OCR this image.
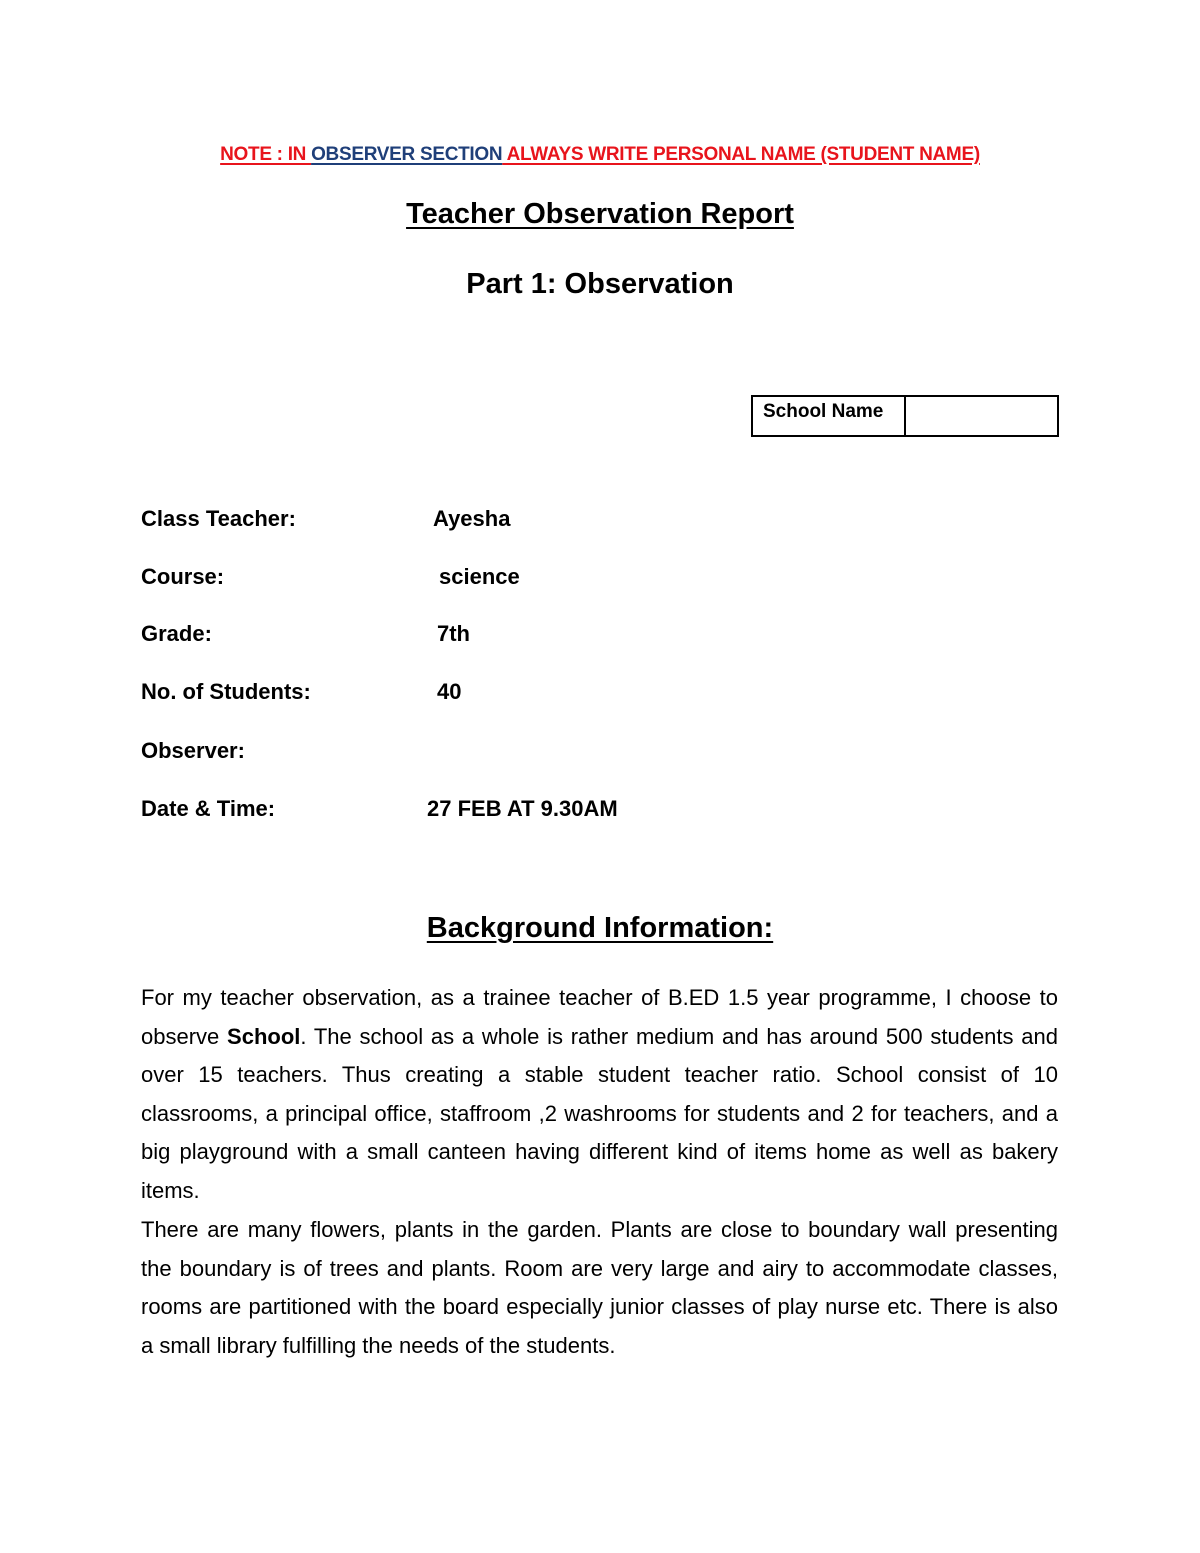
NOTE : IN OBSERVER SECTION ALWAYS WRITE PERSONAL NAME (STUDENT NAME)
Teacher Observation Report
Part 1: Observation
School Name	
Class Teacher:	Ayesha
Course:	science
Grade:	7th
No. of Students:	40
Observer:
Date & Time:	27 FEB AT 9.30AM
Background Information:
For my teacher observation, as a trainee teacher of B.ED 1.5 year programme, I choose to observe School. The school as a whole is rather medium and has around 500 students and over 15 teachers. Thus creating a stable student teacher ratio. School consist of 10 classrooms, a principal office, staffroom ,2 washrooms for students and 2 for teachers, and a big playground with a small canteen having different kind of items home as well as bakery items.
There are many flowers, plants in the garden. Plants are close to boundary wall presenting the boundary is of trees and plants. Room are very large and airy to accommodate classes, rooms are partitioned with the board especially junior classes of play nurse etc. There is also a small library fulfilling the needs of the students.
